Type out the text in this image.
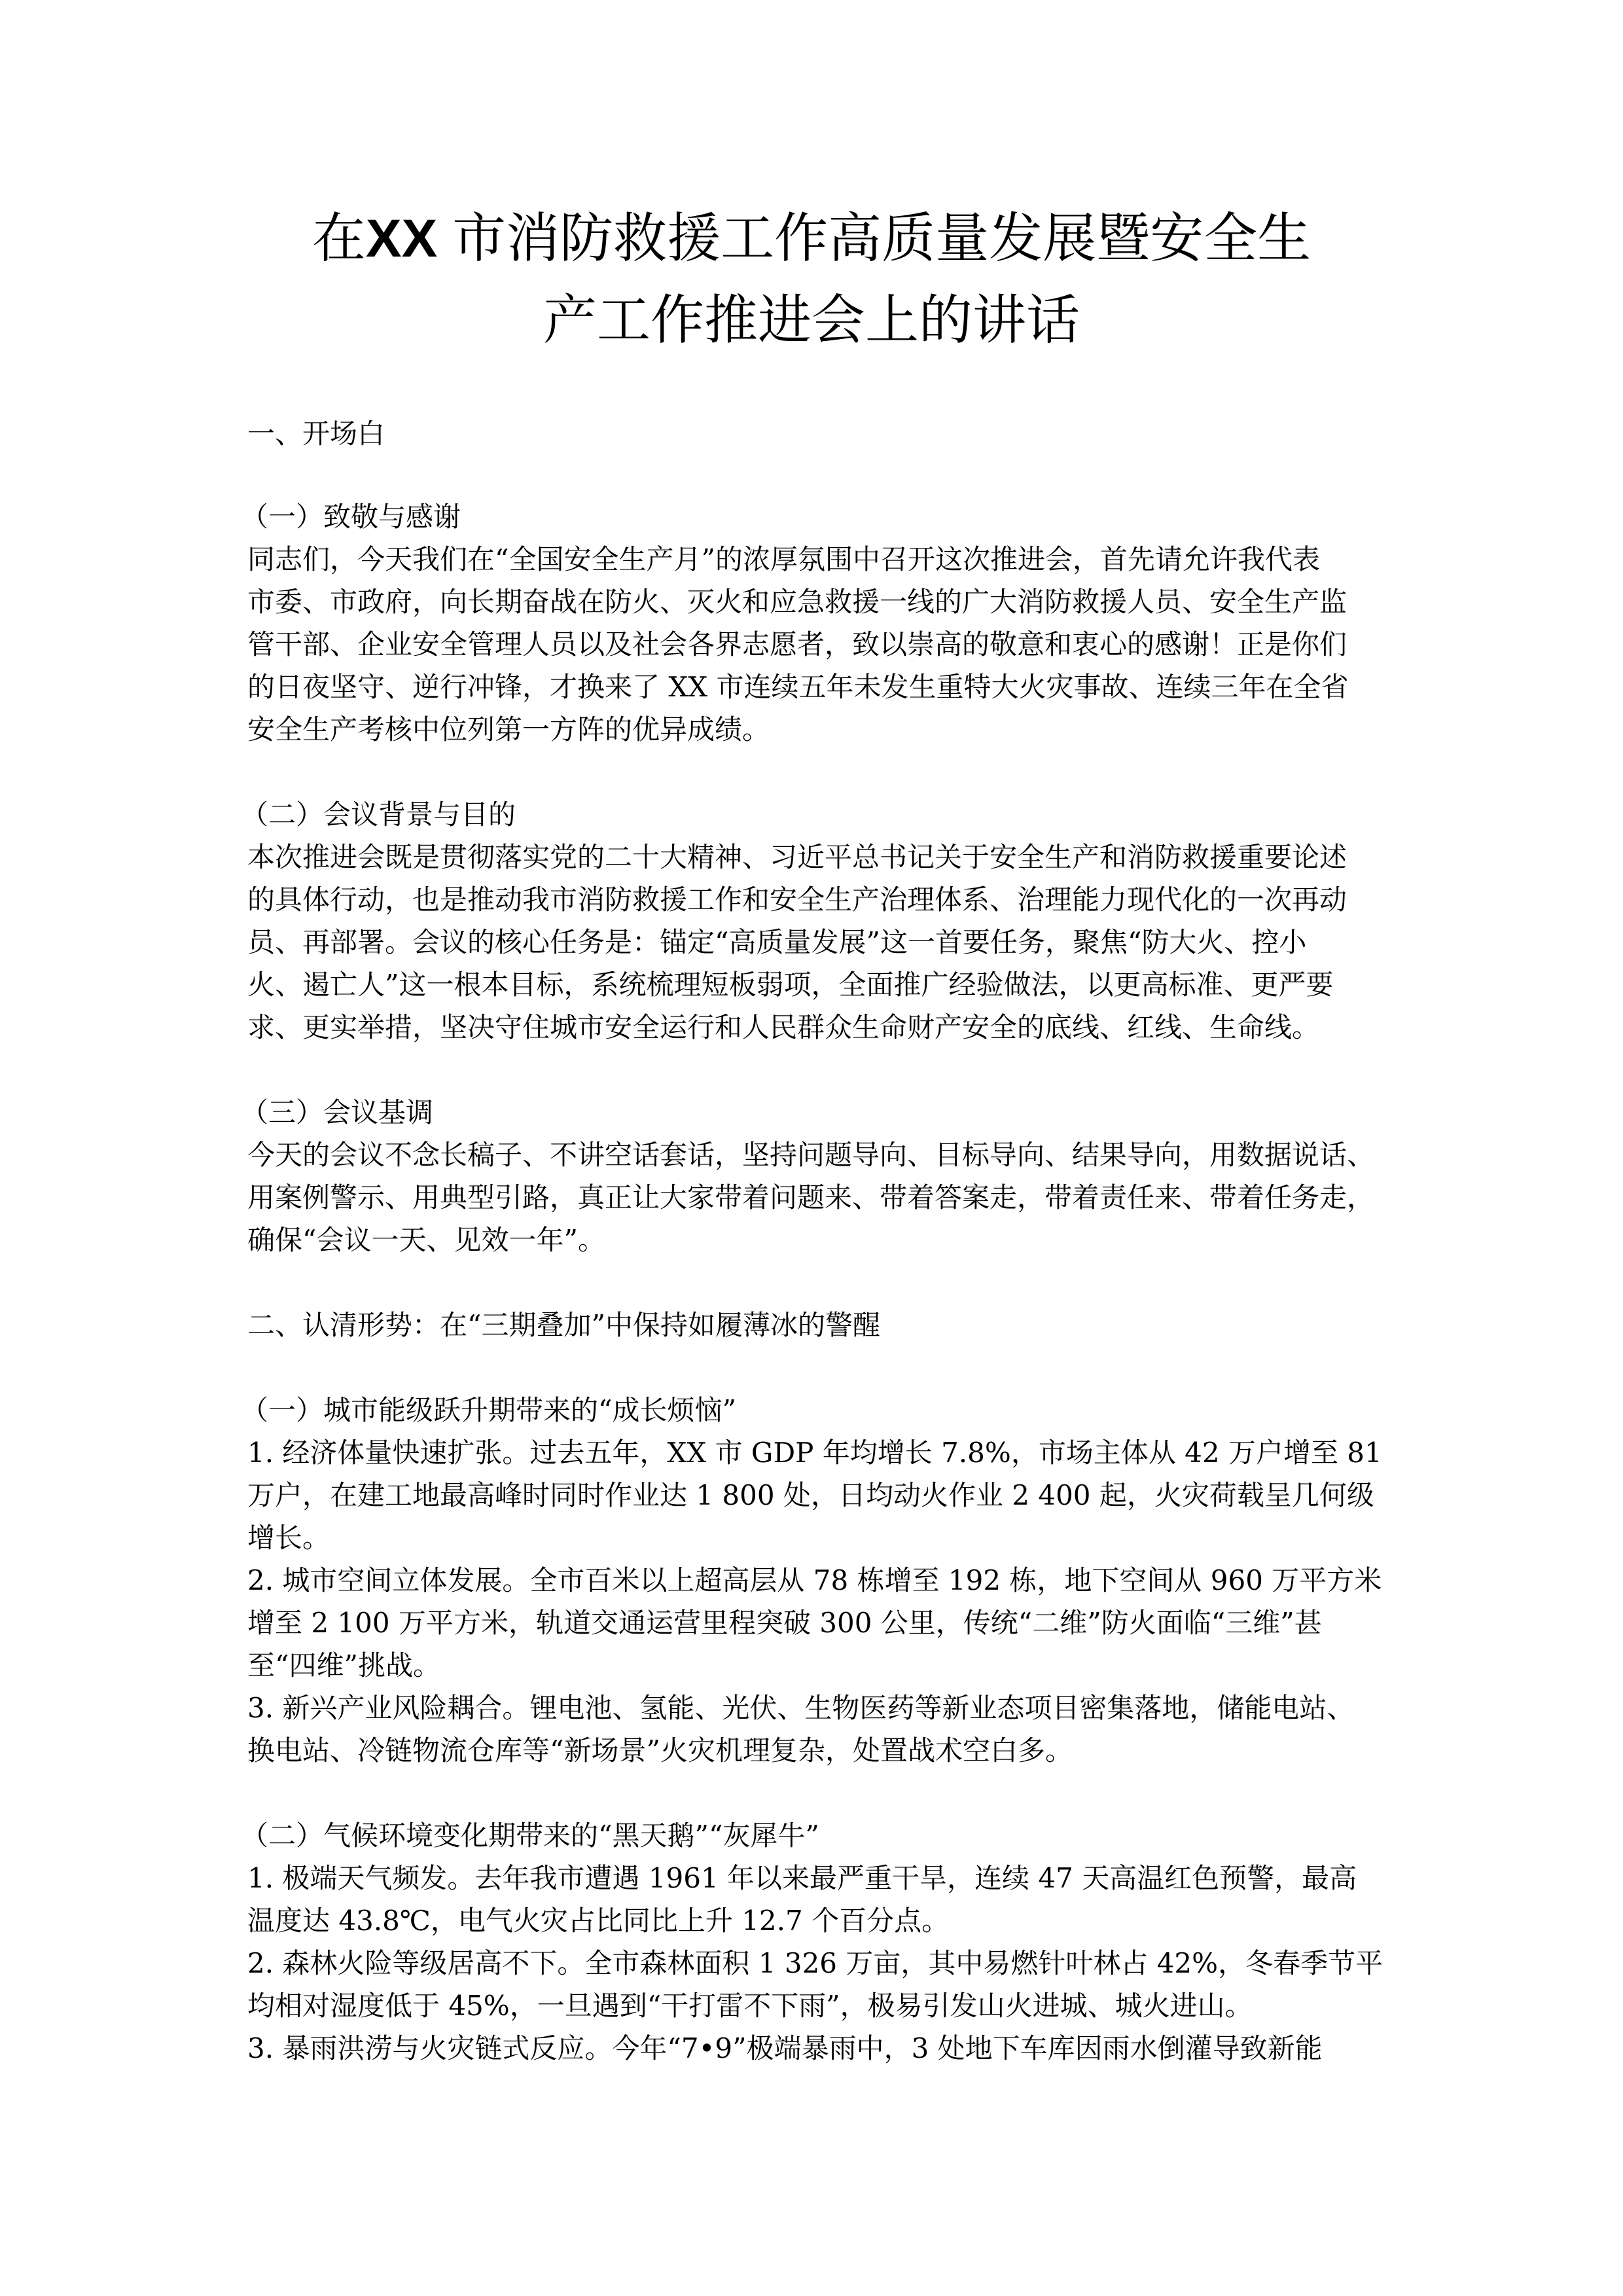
在XX 市消防救援工作高质量发展暨安全生
产工作推进会上的讲话
一、开场白
（一）致敬与感谢
同志们，今天我们在“全国安全生产月”的浓厚氛围中召开这次推进会，首先请允许我代表
市委、市政府，向长期奋战在防火、灭火和应急救援一线的广大消防救援人员、安全生产监
管干部、企业安全管理人员以及社会各界志愿者，致以崇高的敬意和衷心的感谢！正是你们
的日夜坚守、逆行冲锋，才换来了 XX 市连续五年未发生重特大火灾事故、连续三年在全省
安全生产考核中位列第一方阵的优异成绩。
（二）会议背景与目的
本次推进会既是贯彻落实党的二十大精神、习近平总书记关于安全生产和消防救援重要论述
的具体行动，也是推动我市消防救援工作和安全生产治理体系、治理能力现代化的一次再动
员、再部署。会议的核心任务是：锚定“高质量发展”这一首要任务，聚焦“防大火、控小
火、遏亡人”这一根本目标，系统梳理短板弱项，全面推广经验做法，以更高标准、更严要
求、更实举措，坚决守住城市安全运行和人民群众生命财产安全的底线、红线、生命线。
（三）会议基调
今天的会议不念长稿子、不讲空话套话，坚持问题导向、目标导向、结果导向，用数据说话、
用案例警示、用典型引路，真正让大家带着问题来、带着答案走，带着责任来、带着任务走，
确保“会议一天、见效一年”。
二、认清形势：在“三期叠加”中保持如履薄冰的警醒
（一）城市能级跃升期带来的“成长烦恼”
1. 经济体量快速扩张。过去五年，XX 市 GDP 年均增长 7.8%，市场主体从 42 万户增至 81
万户，在建工地最高峰时同时作业达 1 800 处，日均动火作业 2 400 起，火灾荷载呈几何级
增长。
2. 城市空间立体发展。全市百米以上超高层从 78 栋增至 192 栋，地下空间从 960 万平方米
增至 2 100 万平方米，轨道交通运营里程突破 300 公里，传统“二维”防火面临“三维”甚
至“四维”挑战。
3. 新兴产业风险耦合。锂电池、氢能、光伏、生物医药等新业态项目密集落地，储能电站、
换电站、冷链物流仓库等“新场景”火灾机理复杂，处置战术空白多。
（二）气候环境变化期带来的“黑天鹅”“灰犀牛”
1. 极端天气频发。去年我市遭遇 1961 年以来最严重干旱，连续 47 天高温红色预警，最高
温度达 43.8℃，电气火灾占比同比上升 12.7 个百分点。
2. 森林火险等级居高不下。全市森林面积 1 326 万亩，其中易燃针叶林占 42%，冬春季节平
均相对湿度低于 45%，一旦遇到“干打雷不下雨”，极易引发山火进城、城火进山。
3. 暴雨洪涝与火灾链式反应。今年“7•9”极端暴雨中，3 处地下车库因雨水倒灌导致新能
